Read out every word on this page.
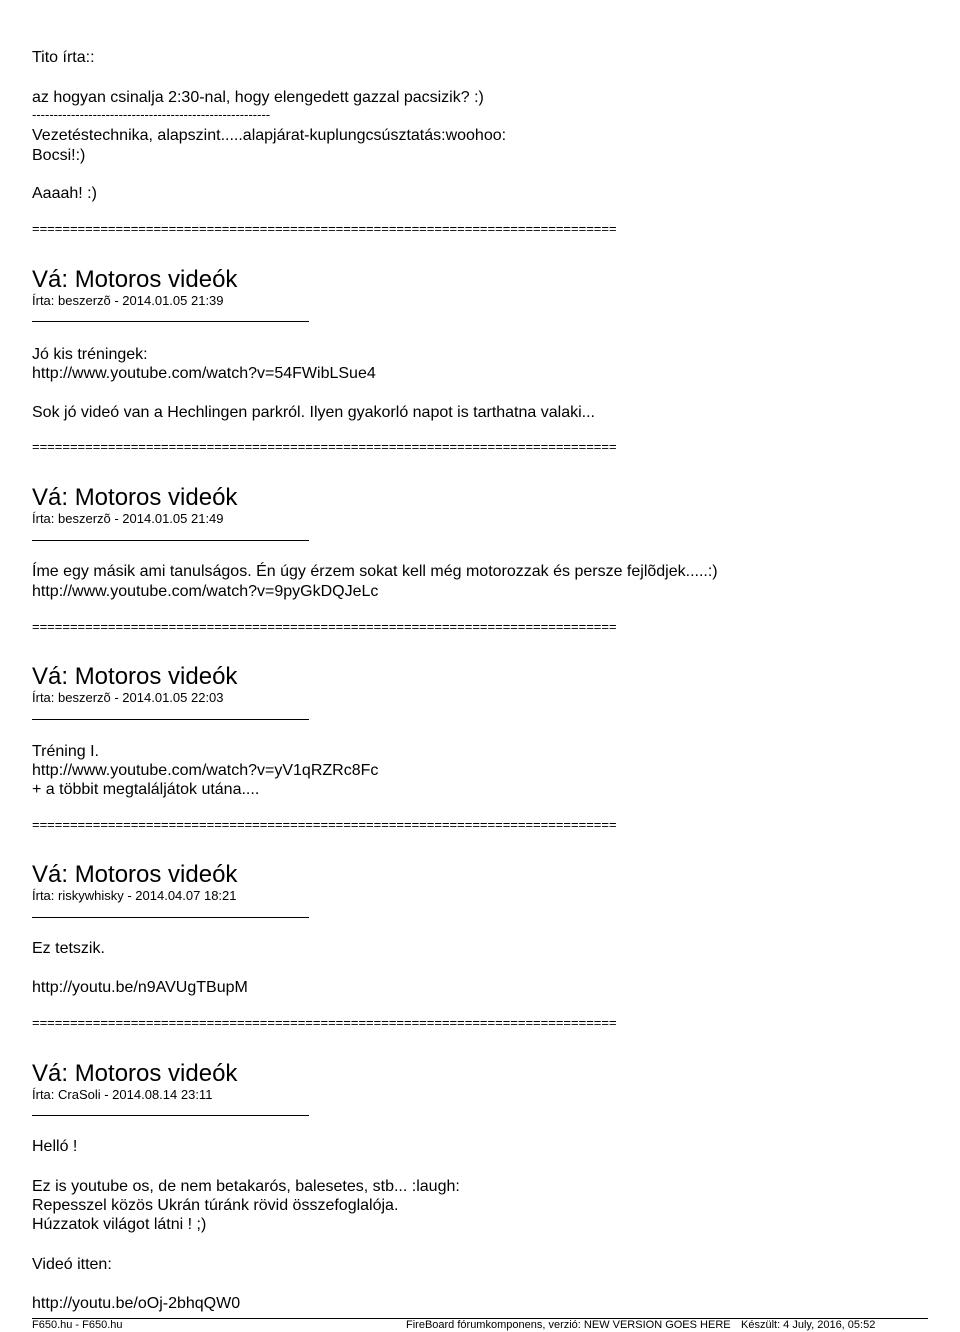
Tito írta::
az hogyan csinalja 2:30-nal, hogy elengedett gazzal pacsizik? :)
-------------------------------------------------------
Vezetéstechnika, alapszint.....alapjárat-kuplungcsúsztatás:woohoo:
Bocsi!:)
Aaaah! :)
=============================================================================
Vá: Motoros videók
Írta: beszerzõ - 2014.01.05 21:39
Jó kis tréningek:
http://www.youtube.com/watch?v=54FWibLSue4
Sok jó videó van a Hechlingen parkról. Ilyen gyakorló napot is tarthatna valaki...
=============================================================================
Vá: Motoros videók
Írta: beszerzõ - 2014.01.05 21:49
Íme egy másik ami tanulságos. Én úgy érzem sokat kell még motorozzak és persze fejlõdjek.....:)
http://www.youtube.com/watch?v=9pyGkDQJeLc
=============================================================================
Vá: Motoros videók
Írta: beszerzõ - 2014.01.05 22:03
Tréning I.
http://www.youtube.com/watch?v=yV1qRZRc8Fc
+ a többit megtaláljátok utána....
=============================================================================
Vá: Motoros videók
Írta: riskywhisky - 2014.04.07 18:21
Ez tetszik.
http://youtu.be/n9AVUgTBupM
=============================================================================
Vá: Motoros videók
Írta: CraSoli - 2014.08.14 23:11
Helló !
Ez is youtube os, de nem betakarós, balesetes, stb... :laugh:
Repesszel közös Ukrán túránk rövid összefoglalója.
Húzzatok világot látni ! ;)
Videó itten:
http://youtu.be/oOj-2bhqQW0
F650.hu - F650.hu	FireBoard fórumkomponens, verzió: NEW VERSION GOES HERE Készült: 4 July, 2016, 05:52
